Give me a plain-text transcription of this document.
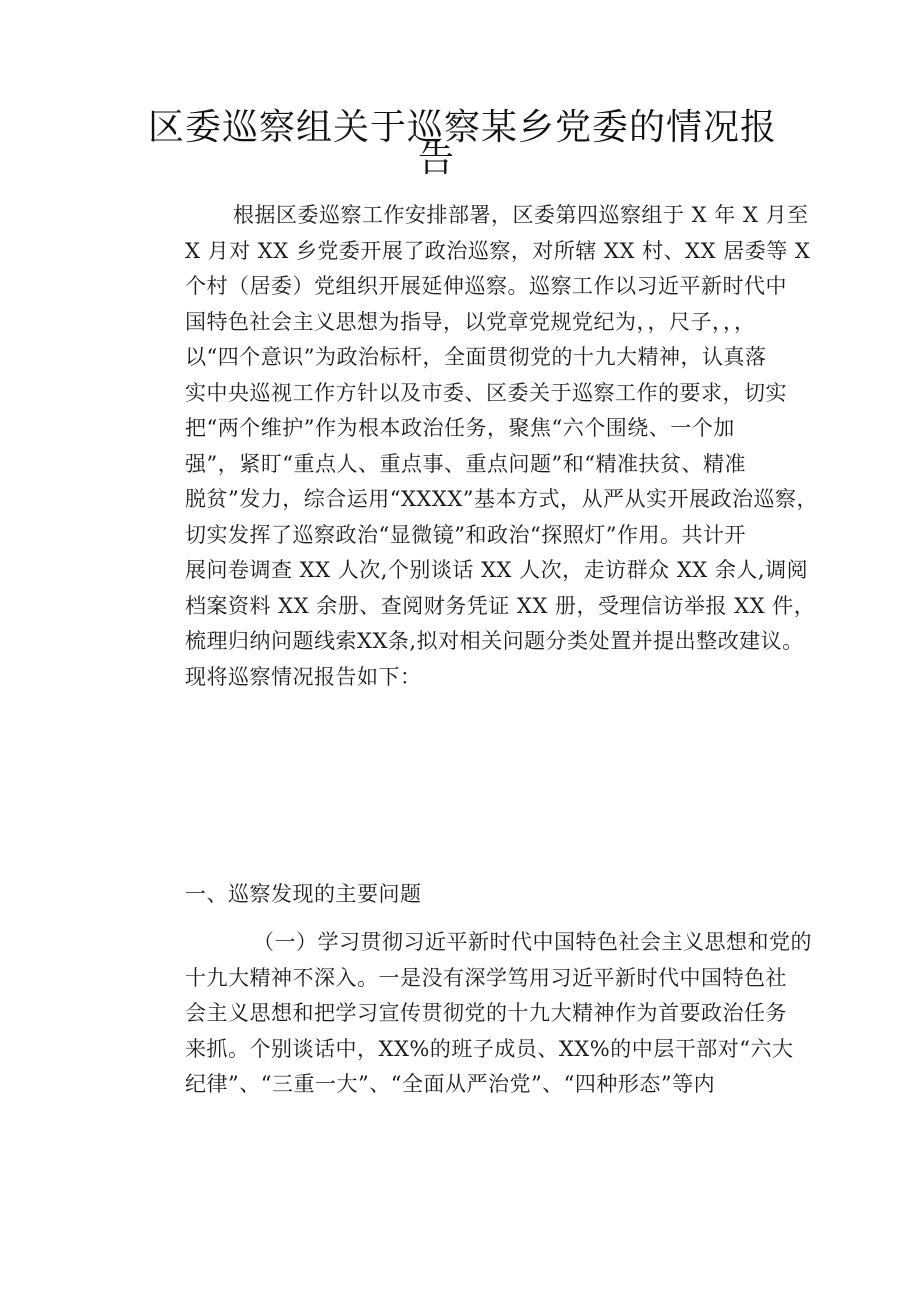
区委巡察组关于巡察某乡党委的情况报
告
根据区委巡察工作安排部署，区委第四巡察组于 X 年 X 月至
X 月对 XX 乡党委开展了政治巡察，对所辖 XX 村、XX 居委等 X
个村（居委）党组织开展延伸巡察。巡察工作以习近平新时代中
国特色社会主义思想为指导，以党章党规党纪为，，尺子，，，
以“四个意识”为政治标杆，全面贯彻党的十九大精神，认真落
实中央巡视工作方针以及市委、区委关于巡察工作的要求，切实
把“两个维护”作为根本政治任务，聚焦“六个围绕、一个加
强”，紧盯“重点人、重点事、重点问题”和“精准扶贫、精准
脱贫”发力，综合运用“XXXX”基本方式，从严从实开展政治巡察，
切实发挥了巡察政治“显微镜”和政治“探照灯”作用。共计开
展问卷调查 XX 人次,个别谈话 XX 人次，走访群众 XX 余人,调阅
档案资料 XX 余册、查阅财务凭证 XX 册，受理信访举报 XX 件，
梳理归纳问题线索XX条,拟对相关问题分类处置并提出整改建议。
现将巡察情况报告如下：
一、巡察发现的主要问题
（一）学习贯彻习近平新时代中国特色社会主义思想和党的
十九大精神不深入。一是没有深学笃用习近平新时代中国特色社
会主义思想和把学习宣传贯彻党的十九大精神作为首要政治任务
来抓。个别谈话中，XX%的班子成员、XX%的中层干部对“六大
纪律”、“三重一大”、“全面从严治党”、“四种形态”等内
